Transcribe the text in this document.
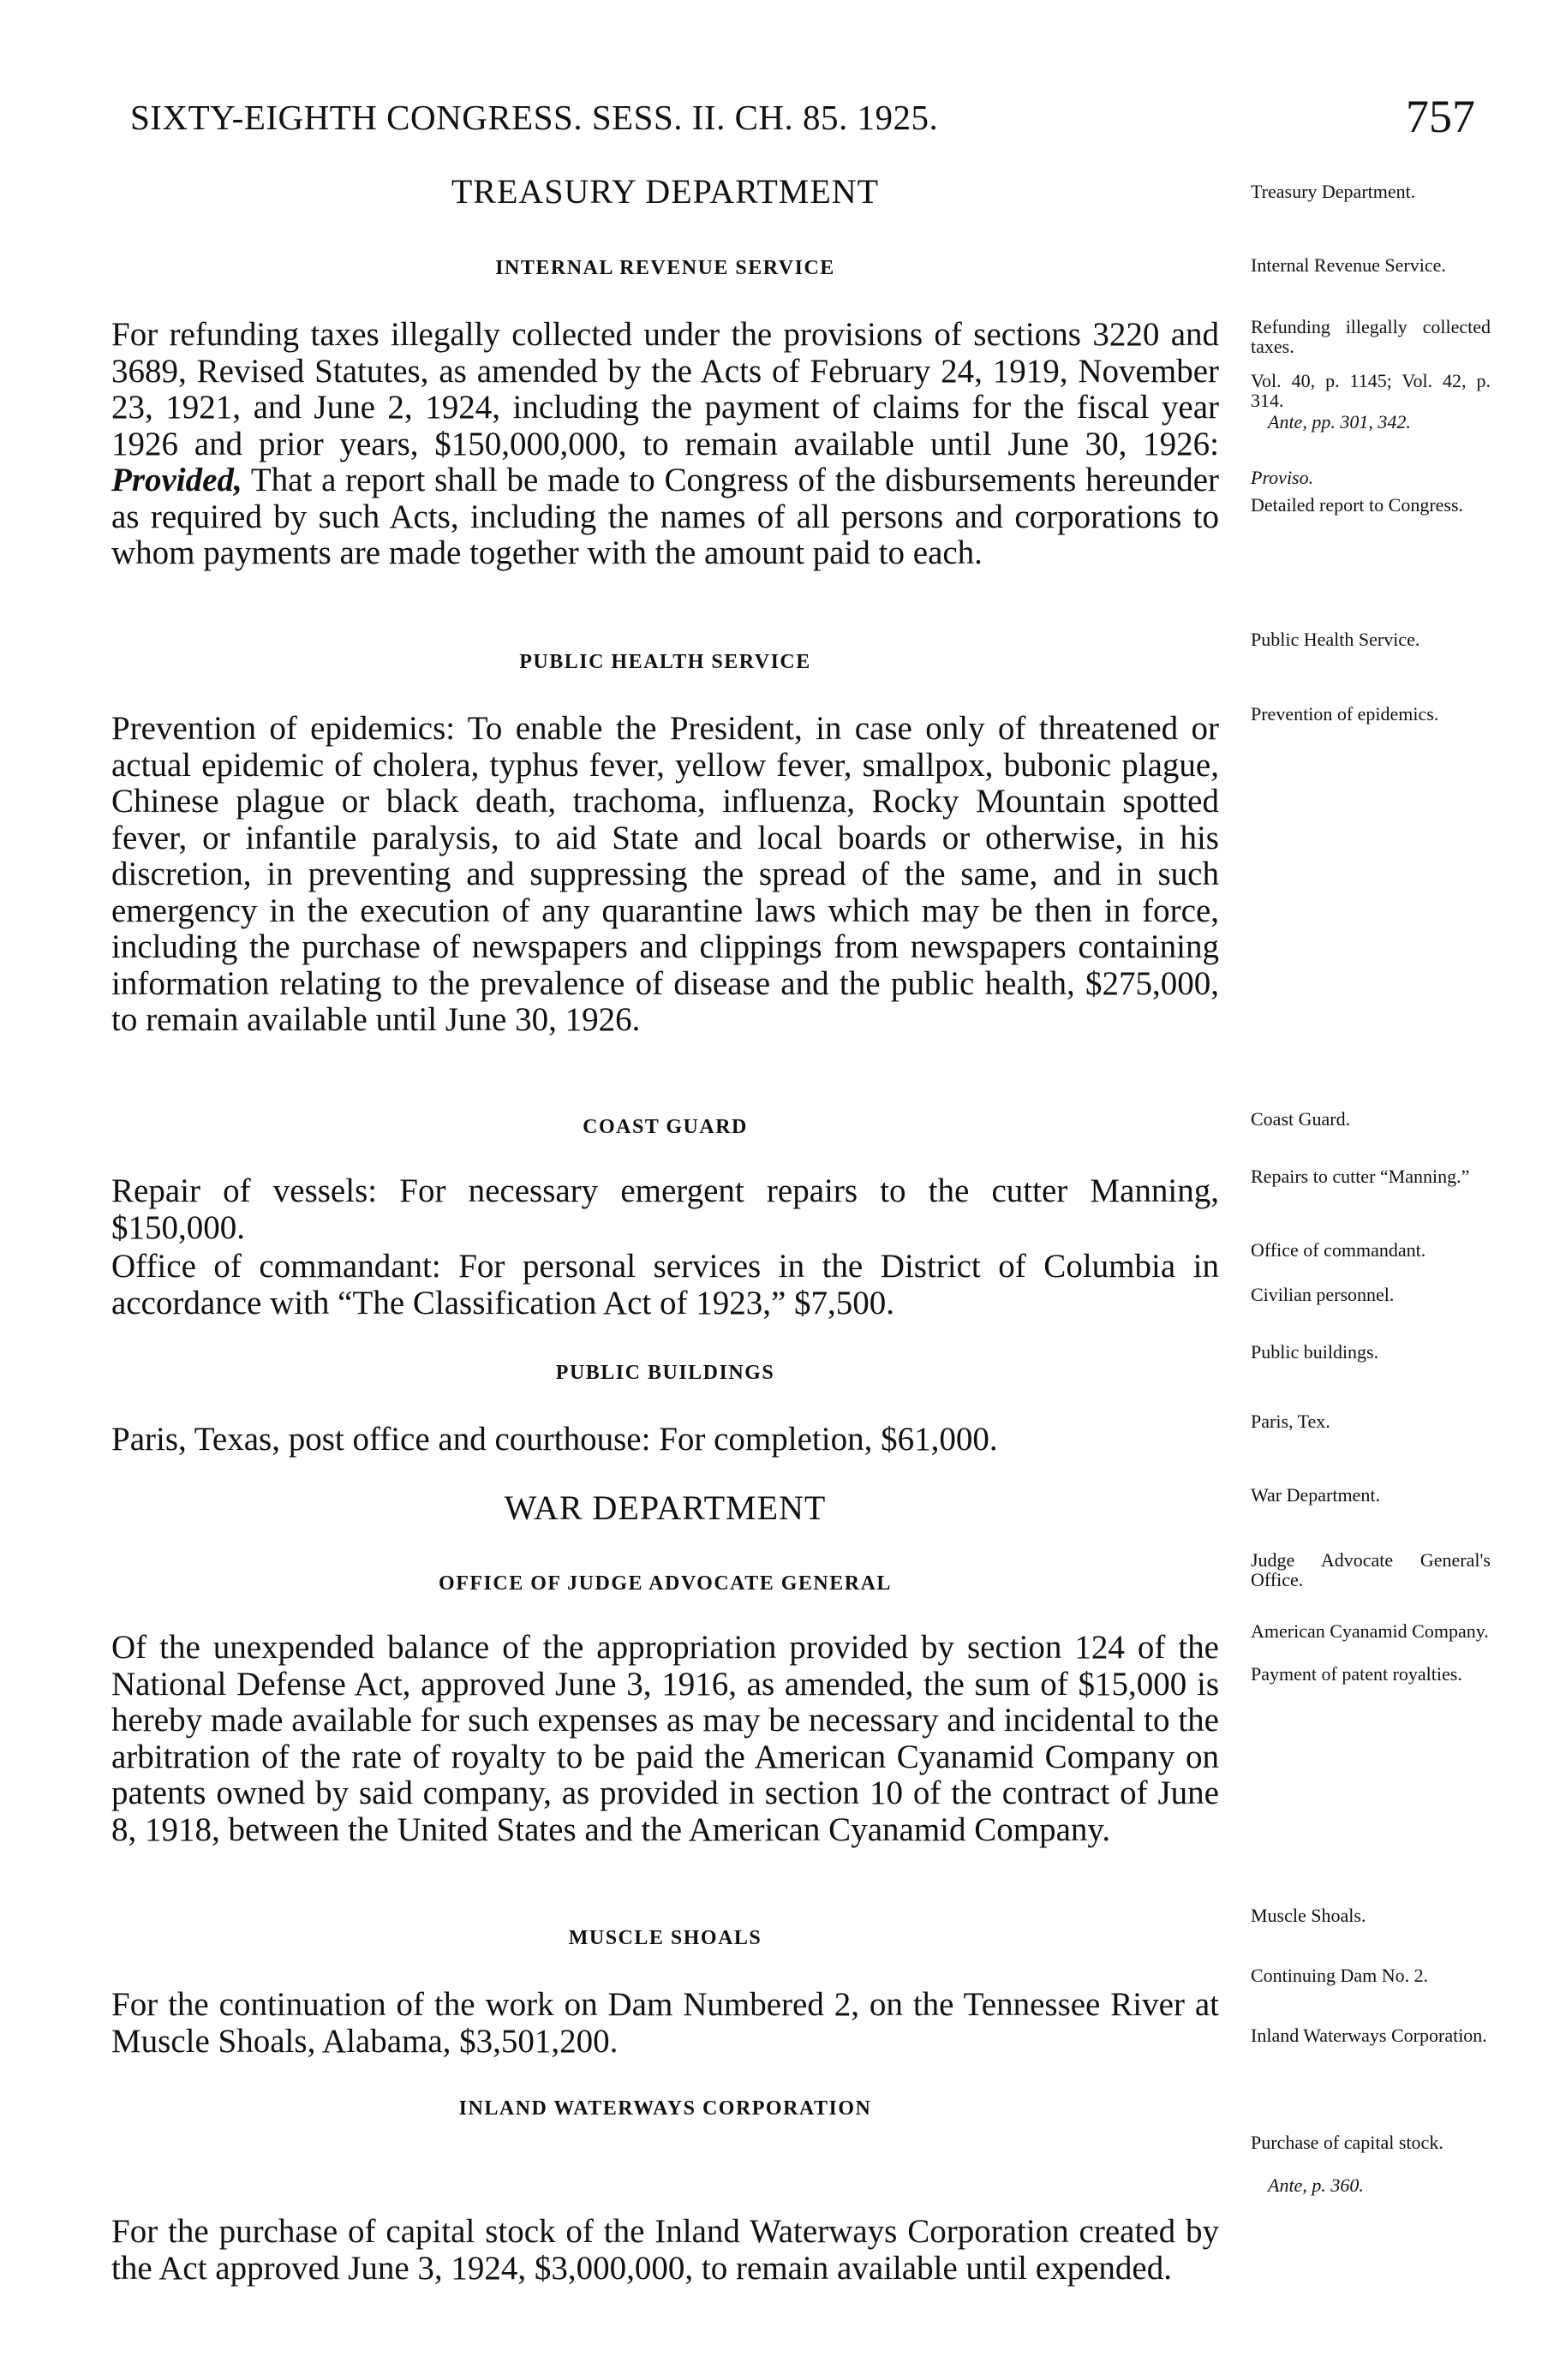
SIXTY-EIGHTH CONGRESS. SESS. II. CH. 85. 1925.	757
TREASURY DEPARTMENT
INTERNAL REVENUE SERVICE

For refunding taxes illegally collected under the provisions of sections 3220 and 3689, Revised Statutes, as amended by the Acts of February 24, 1919, November 23, 1921, and June 2, 1924, including the payment of claims for the fiscal year 1926 and prior years, $150,000,000, to remain available until June 30, 1926: Provided, That a report shall be made to Congress of the disbursements hereunder as required by such Acts, including the names of all persons and corporations to whom payments are made together with the amount paid to each.

PUBLIC HEALTH SERVICE

Prevention of epidemics: To enable the President, in case only of threatened or actual epidemic of cholera, typhus fever, yellow fever, smallpox, bubonic plague, Chinese plague or black death, trachoma, influenza, Rocky Mountain spotted fever, or infantile paralysis, to aid State and local boards or otherwise, in his discretion, in preventing and suppressing the spread of the same, and in such emergency in the execution of any quarantine laws which may be then in force, including the purchase of newspapers and clippings from newspapers containing information relating to the prevalence of disease and the public health, $275,000, to remain available until June 30, 1926.

COAST GUARD

Repair of vessels: For necessary emergent repairs to the cutter Manning, $150,000.

Office of commandant: For personal services in the District of Columbia in accordance with “The Classification Act of 1923,” $7,500.

PUBLIC BUILDINGS

Paris, Texas, post office and courthouse: For completion, $61,000.

WAR DEPARTMENT
OFFICE OF JUDGE ADVOCATE GENERAL

Of the unexpended balance of the appropriation provided by section 124 of the National Defense Act, approved June 3, 1916, as amended, the sum of $15,000 is hereby made available for such expenses as may be necessary and incidental to the arbitration of the rate of royalty to be paid the American Cyanamid Company on patents owned by said company, as provided in section 10 of the contract of June 8, 1918, between the United States and the American Cyanamid Company.

MUSCLE SHOALS

For the continuation of the work on Dam Numbered 2, on the Tennessee River at Muscle Shoals, Alabama, $3,501,200.

INLAND WATERWAYS CORPORATION

For the purchase of capital stock of the Inland Waterways Corporation created by the Act approved June 3, 1924, $3,000,000, to remain available until expended.

Treasury Department.
Internal Revenue Service.
Refunding illegally collected taxes.
Vol. 40, p. 1145; Vol. 42, p. 314.
Ante, pp. 301, 342.
Proviso.
Detailed report to Congress.
Public Health Service.
Prevention of epidemics.
Coast Guard.
Repairs to cutter “Manning.”
Office of commandant.
Civilian personnel.
Public buildings.
Paris, Tex.
War Department.
Judge Advocate General's Office.
American Cyanamid Company.
Payment of patent royalties.
Muscle Shoals.
Continuing Dam No. 2.
Inland Waterways Corporation.
Purchase of capital stock.
Ante, p. 360.
